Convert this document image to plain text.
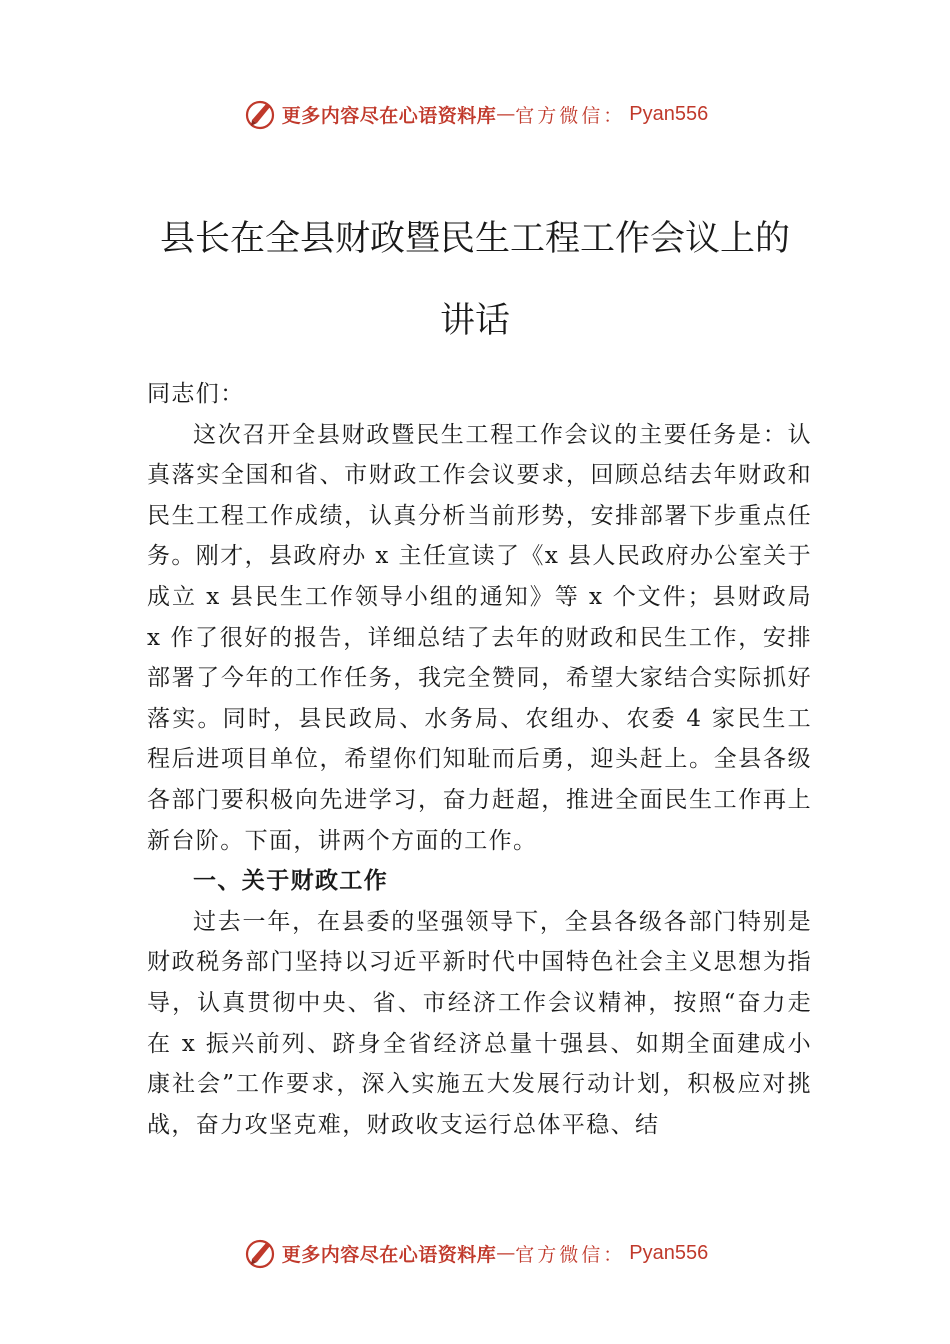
更多内容尽在心语资料库 — 官方微信： Pyan556
县长在全县财政暨民生工程工作会议上的
讲话

同志们：

这次召开全县财政暨民生工程工作会议的主要任务是：认真落实全国和省、市财政工作会议要求，回顾总结去年财政和民生工程工作成绩，认真分析当前形势，安排部署下步重点任务。刚才，县政府办 x 主任宣读了《x 县人民政府办公室关于成立 x 县民生工作领导小组的通知》等 x 个文件；县财政局 x 作了很好的报告，详细总结了去年的财政和民生工作，安排部署了今年的工作任务，我完全赞同，希望大家结合实际抓好落实。同时，县民政局、水务局、农组办、农委 4 家民生工程后进项目单位，希望你们知耻而后勇，迎头赶上。全县各级各部门要积极向先进学习，奋力赶超，推进全面民生工作再上新台阶。下面，讲两个方面的工作。

一、关于财政工作

过去一年，在县委的坚强领导下，全县各级各部门特别是财政税务部门坚持以习近平新时代中国特色社会主义思想为指导，认真贯彻中央、省、市经济工作会议精神，按照“奋力走在 x 振兴前列、跻身全省经济总量十强县、如期全面建成小康社会”工作要求，深入实施五大发展行动计划，积极应对挑战，奋力攻坚克难，财政收支运行总体平稳、结

更多内容尽在心语资料库 — 官方微信： Pyan556
